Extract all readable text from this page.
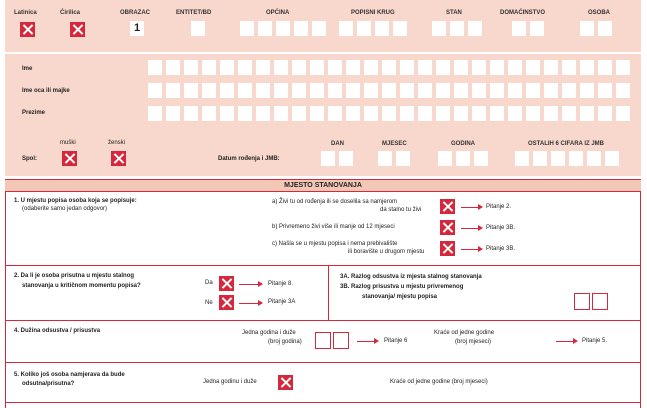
Latinica	Ćirilica	OBRAZAC
1
ENTITET/BD	OPĆINA	POPISNI KRUG	STAN	DOMAĆINSTVO	OSOBA
Ime
Ime oca ili majke
Prezime
Spol:
muški	ženski
Datum rođenja i JMB:
DAN	MJESEC	GODINA	OSTALIH 6 CIFARA IZ JMB
MJESTO STANOVANJA
1. U mjestu popisa osoba koja se popisuje:
(odaberite samo jedan odgovor)
a) Živi tu od rođenja ili se doselila sa namjerom
da stalno tu živi	Pitanje 2.
b) Privremeno živi više ili manje od 12 mjeseci	Pitanje 3B.
c) Našla se u mjestu popisa i nema prebivalište
ili boravište u drugom mjestu	Pitanje 3B.
2. Da li je osoba prisutna u mjestu stalnog
stanovanja u kritičnom momentu popisa?	Da	Pitanje 8.
Ne	Pitanje 3A
3A. Razlog odsustva iz mjesta stalnog stanovanja
3B. Razlog prisustva u mjestu privremenog
stanovanja/ mjestu popisa
4. Dužina odsustva / prisustva	Jedna godina i duže
(broj godina)	Pitanje 6
Kraće od jedne godine
(broj mjeseci)	Pitanje 5.
5. Koliko još osoba namjerava da bude
odsutna/prisutna?	Jedna godinu i duže	Kraće od jedne godine (broj mjeseci)
